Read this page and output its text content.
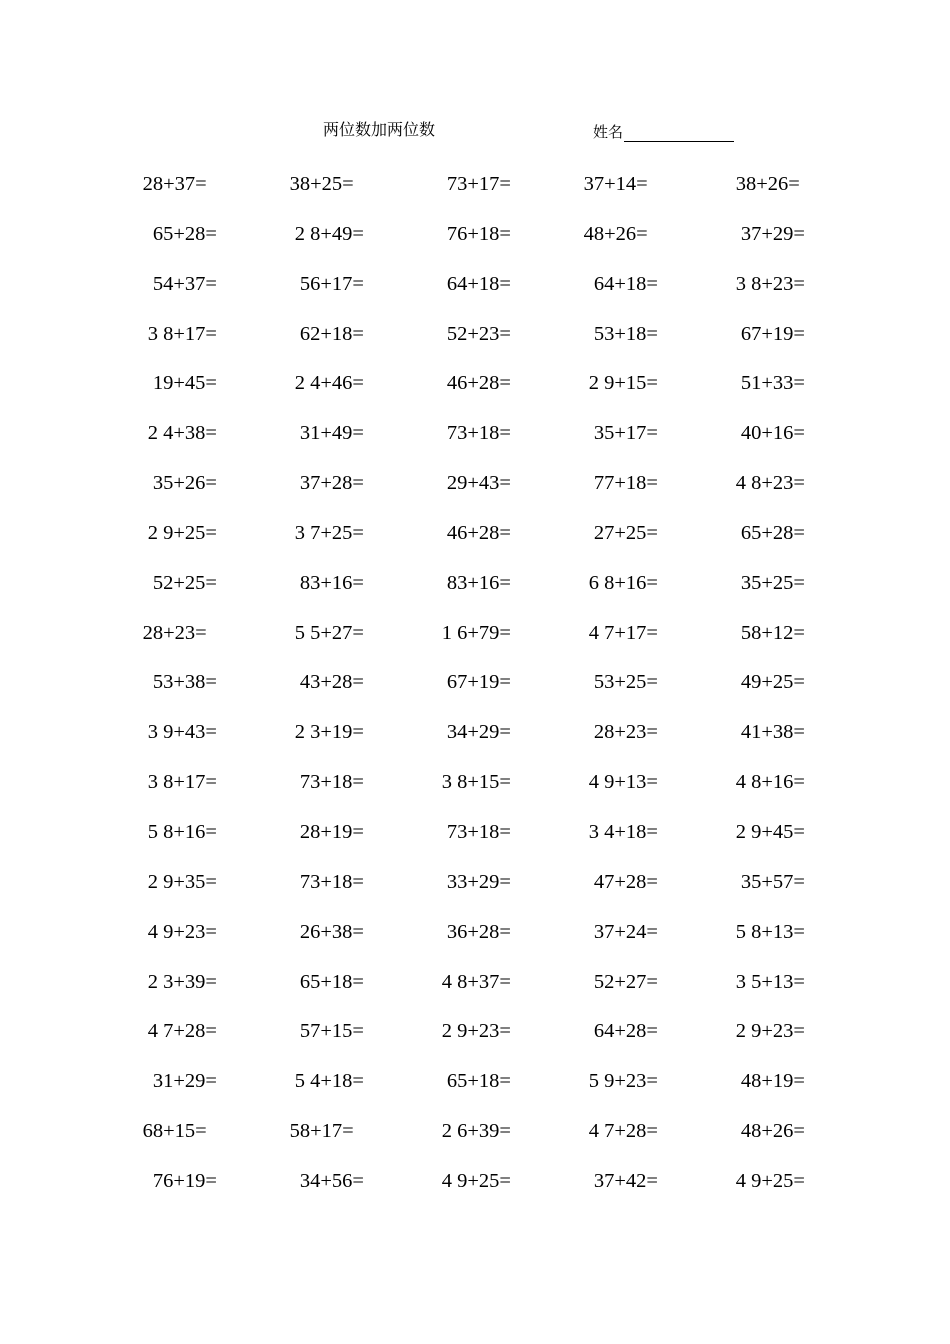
两位数加两位数	姓名
28+37=	38+25=	73+17=	37+14=	38+26=
65+28=	2 8+49=	76+18=	48+26=	37+29=
54+37=	56+17=	64+18=	64+18=	3 8+23=
3 8+17=	62+18=	52+23=	53+18=	67+19=
19+45=	2 4+46=	46+28=	2 9+15=	51+33=
2 4+38=	31+49=	73+18=	35+17=	40+16=
35+26=	37+28=	29+43=	77+18=	4 8+23=
2 9+25=	3 7+25=	46+28=	27+25=	65+28=
52+25=	83+16=	83+16=	6 8+16=	35+25=
28+23=	5 5+27=	1 6+79=	4 7+17=	58+12=
53+38=	43+28=	67+19=	53+25=	49+25=
3 9+43=	2 3+19=	34+29=	28+23=	41+38=
3 8+17=	73+18=	3 8+15=	4 9+13=	4 8+16=
5 8+16=	28+19=	73+18=	3 4+18=	2 9+45=
2 9+35=	73+18=	33+29=	47+28=	35+57=
4 9+23=	26+38=	36+28=	37+24=	5 8+13=
2 3+39=	65+18=	4 8+37=	52+27=	3 5+13=
4 7+28=	57+15=	2 9+23=	64+28=	2 9+23=
31+29=	5 4+18=	65+18=	5 9+23=	48+19=
68+15=	58+17=	2 6+39=	4 7+28=	48+26=
76+19=	34+56=	4 9+25=	37+42=	4 9+25=
